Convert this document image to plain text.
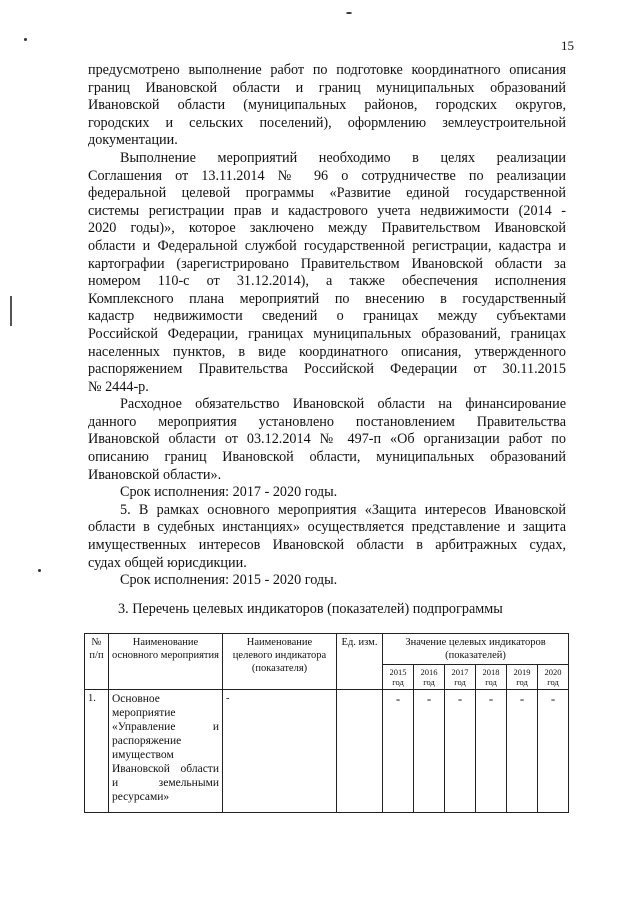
15

предусмотрено выполнение работ по подготовке координатного описания

границ Ивановской области и границ муниципальных образований

Ивановской области (муниципальных районов, городских округов,

городских и сельских поселений), оформлению землеустроительной

документации.

Выполнение мероприятий необходимо в целях реализации

Соглашения от 13.11.2014 № 96 о сотрудничестве по реализации

федеральной целевой программы «Развитие единой государственной

системы регистрации прав и кадастрового учета недвижимости (2014 -

2020 годы)», которое заключено между Правительством Ивановской

области и Федеральной службой государственной регистрации, кадастра и

картографии (зарегистрировано Правительством Ивановской области за

номером 110-с от 31.12.2014), а также обеспечения исполнения

Комплексного плана мероприятий по внесению в государственный

кадастр недвижимости сведений о границах между субъектами

Российской Федерации, границах муниципальных образований, границах

населенных пунктов, в виде координатного описания, утвержденного

распоряжением Правительства Российской Федерации от 30.11.2015

№ 2444-р.

Расходное обязательство Ивановской области на финансирование

данного мероприятия установлено постановлением Правительства

Ивановской области от 03.12.2014 № 497-п «Об организации работ по

описанию границ Ивановской области, муниципальных образований

Ивановской области».

Срок исполнения: 2017 - 2020 годы.

5. В рамках основного мероприятия «Защита интересов Ивановской

области в судебных инстанциях» осуществляется представление и защита

имущественных интересов Ивановской области в арбитражных судах,

судах общей юрисдикции.

Срок исполнения: 2015 - 2020 годы.

3. Перечень целевых индикаторов (показателей) подпрограммы
№ п/п	Наименование основного мероприятия	Наименование целевого индикатора (показателя)	Ед. изм.	Значение целевых индикаторов (показателей)					
				2015 год	2016 год	2017 год	2018 год	2019 год	2020 год
1.	Основное мероприятие «Управление и распоряжение имуществом Ивановской области и земельными ресурсами»	-		-	-	-	-	-	-
